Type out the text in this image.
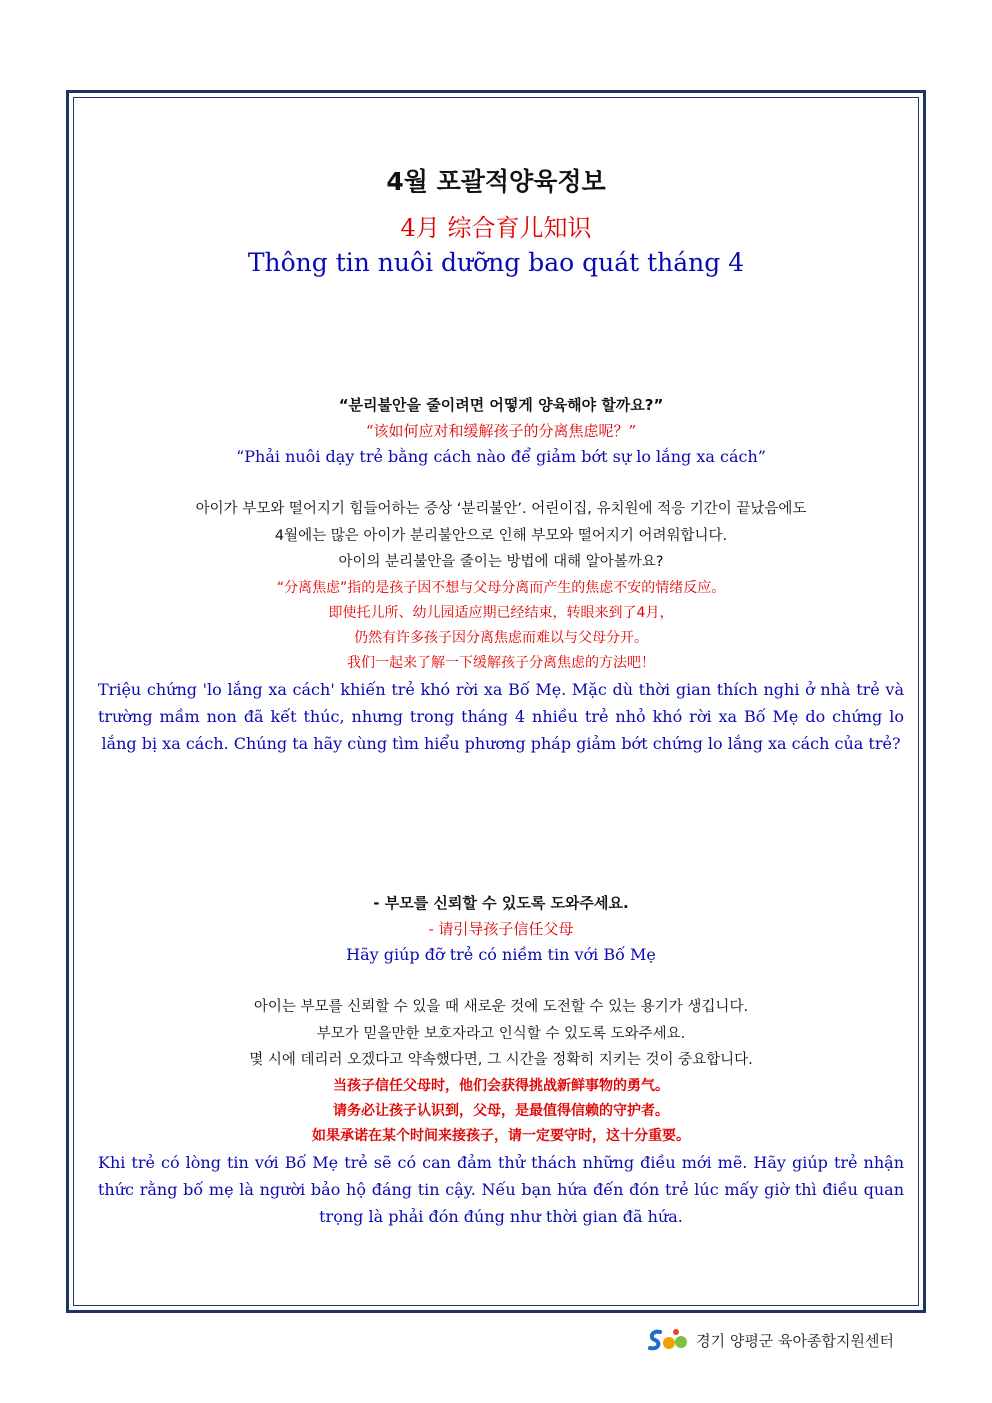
4월 포괄적양육정보
4月 综合育儿知识
Thông tin nuôi dưỡng bao quát tháng 4

“분리불안을 줄이려면 어떻게 양육해야 할까요?”

“该如何应对和缓解孩子的分离焦虑呢？”

“Phải nuôi dạy trẻ bằng cách nào để giảm bớt sự lo lắng xa cách”

아이가 부모와 떨어지기 힘들어하는 증상 ‘분리불안’. 어린이집, 유치원에 적응 기간이 끝났음에도

4월에는 많은 아이가 분리불안으로 인해 부모와 떨어지기 어려워합니다.

아이의 분리불안을 줄이는 방법에 대해 알아볼까요?

“分离焦虑”指的是孩子因不想与父母分离而产生的焦虑不安的情绪反应。

即使托儿所、幼儿园适应期已经结束，转眼来到了4月，

仍然有许多孩子因分离焦虑而难以与父母分开。

我们一起来了解一下缓解孩子分离焦虑的方法吧！

Triệu chứng 'lo lắng xa cách' khiến trẻ khó rời xa Bố Mẹ. Mặc dù thời gian thích nghi ở nhà trẻ và trường mầm non đã kết thúc, nhưng trong tháng 4 nhiều trẻ nhỏ khó rời xa Bố Mẹ do chứng lo lắng bị xa cách. Chúng ta hãy cùng tìm hiểu phương pháp giảm bớt chứng lo lắng xa cách của trẻ?

- 부모를 신뢰할 수 있도록 도와주세요.

- 请引导孩子信任父母

Hãy giúp đỡ trẻ có niềm tin với Bố Mẹ

아이는 부모를 신뢰할 수 있을 때 새로운 것에 도전할 수 있는 용기가 생깁니다.

부모가 믿을만한 보호자라고 인식할 수 있도록 도와주세요.

몇 시에 데리러 오겠다고 약속했다면, 그 시간을 정확히 지키는 것이 중요합니다.

当孩子信任父母时，他们会获得挑战新鲜事物的勇气。

请务必让孩子认识到，父母，是最值得信赖的守护者。

如果承诺在某个时间来接孩子，请一定要守时，这十分重要。

Khi trẻ có lòng tin với Bố Mẹ trẻ sẽ có can đảm thử thách những điều mới mẽ. Hãy giúp trẻ nhận thức rằng bố mẹ là người bảo hộ đáng tin cậy. Nếu bạn hứa đến đón trẻ lúc mấy giờ thì điều quan trọng là phải đón đúng như thời gian đã hứa.

경기 양평군 육아종합지원센터
